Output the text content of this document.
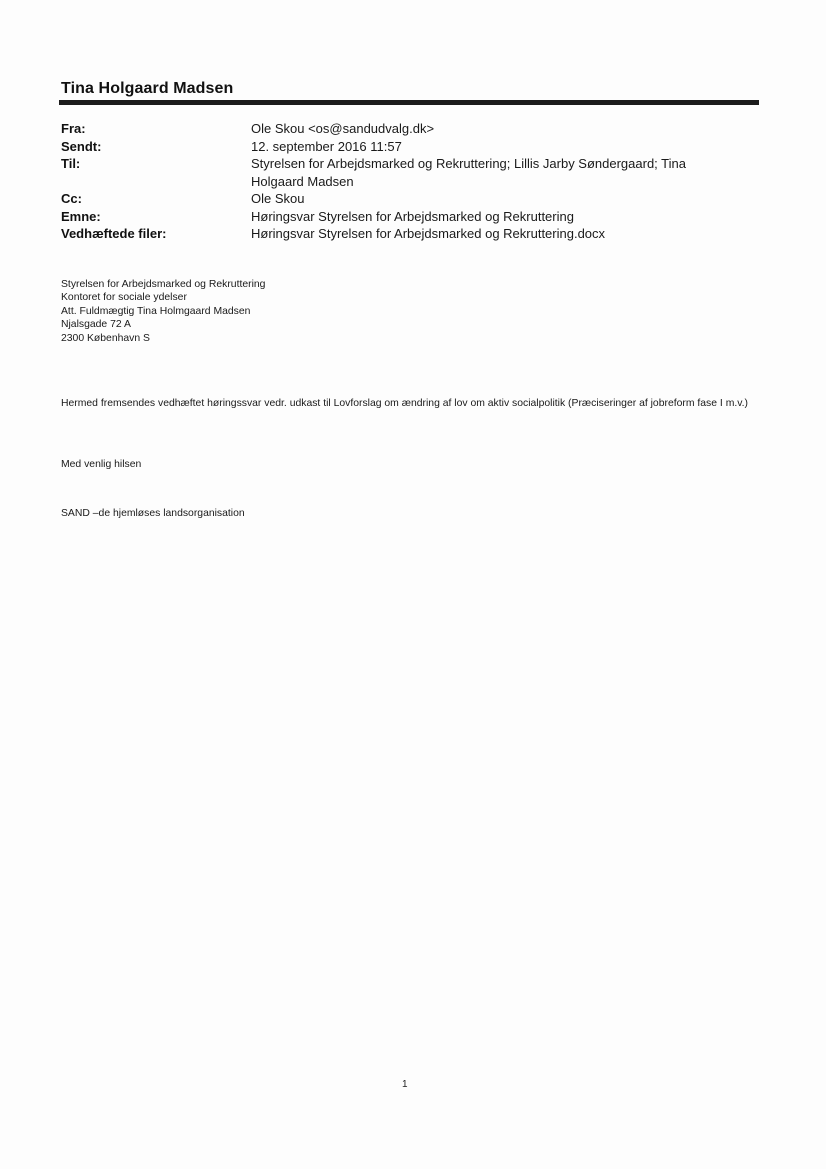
Tina Holgaard Madsen
Fra:	Ole Skou <os@sandudvalg.dk>
Sendt:	12. september 2016 11:57
Til:	Styrelsen for Arbejdsmarked og Rekruttering; Lillis Jarby Søndergaard; Tina Holgaard Madsen
Cc:	Ole Skou
Emne:	Høringsvar Styrelsen for Arbejdsmarked og Rekruttering
Vedhæftede filer:	Høringsvar Styrelsen for Arbejdsmarked og Rekruttering.docx
Styrelsen for Arbejdsmarked og Rekruttering
Kontoret for sociale ydelser
Att. Fuldmægtig Tina Holmgaard Madsen
Njalsgade 72 A
2300 København S
Hermed fremsendes vedhæftet høringssvar vedr. udkast til Lovforslag om ændring af lov om aktiv socialpolitik (Præciseringer af jobreform fase I m.v.)
Med venlig hilsen
SAND –de hjemløses landsorganisation
1
